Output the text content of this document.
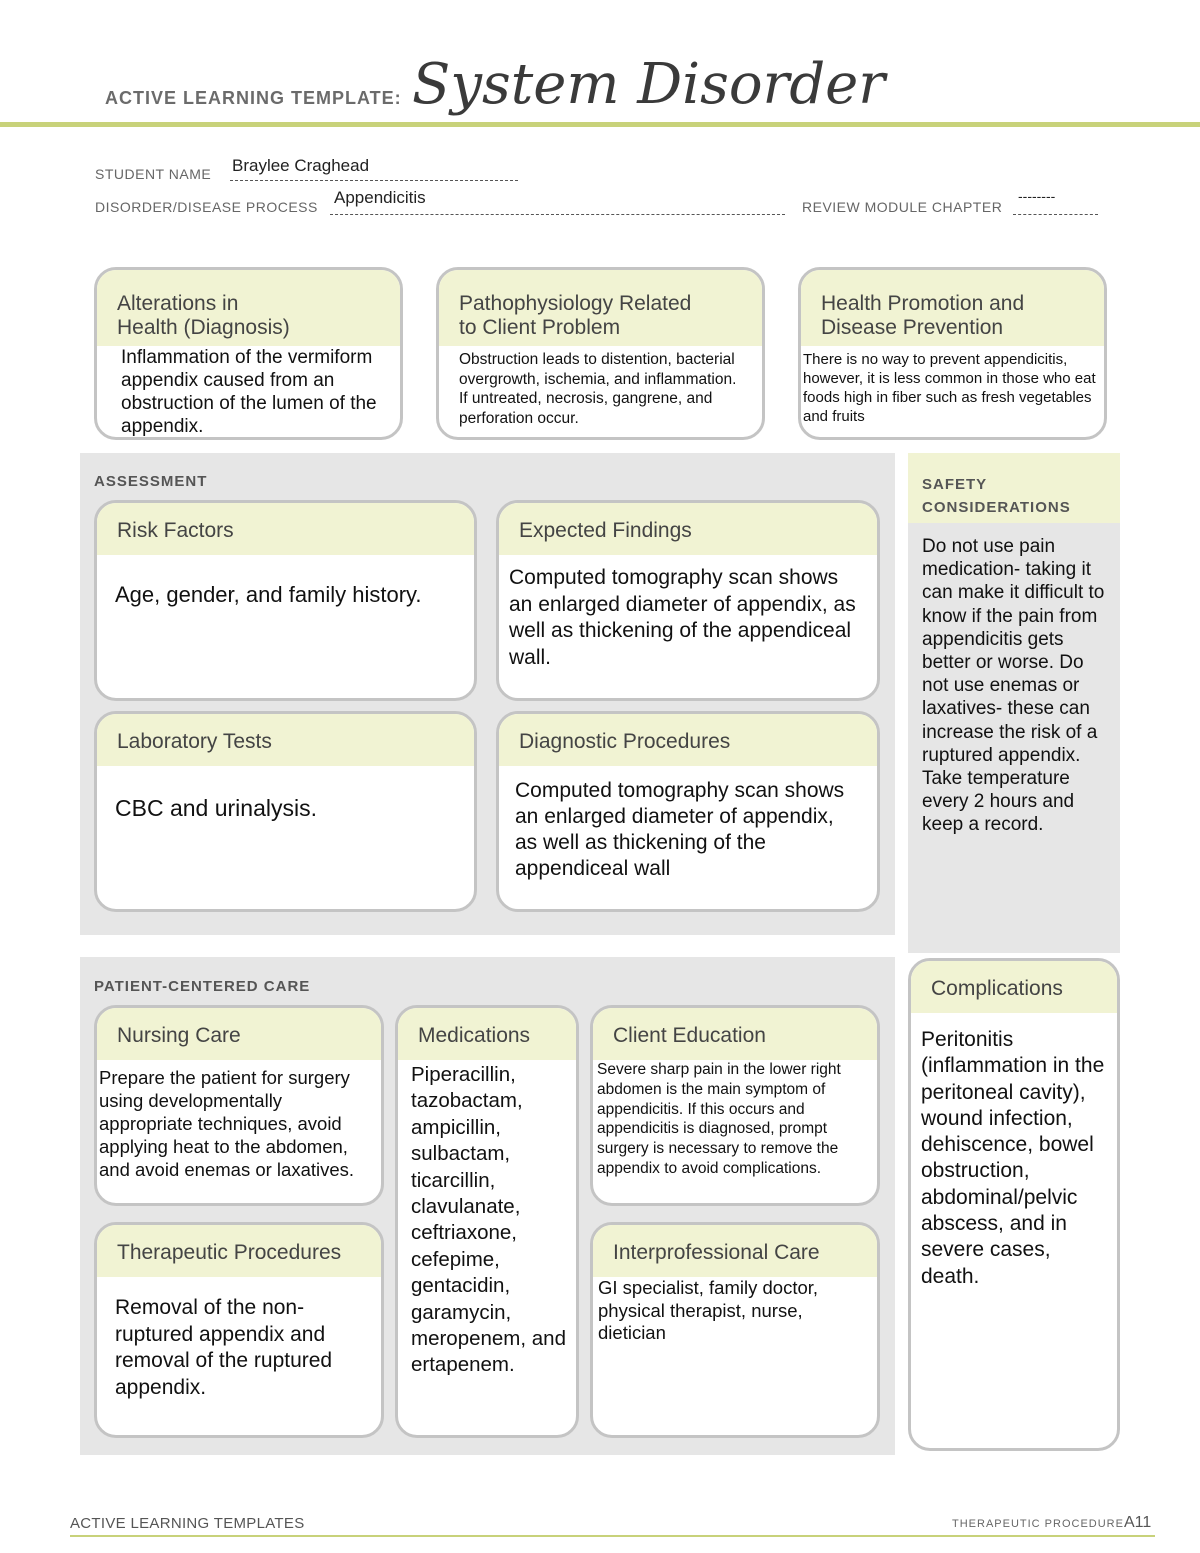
ACTIVE LEARNING TEMPLATE: System Disorder
STUDENT NAME Braylee Craghead
DISORDER/DISEASE PROCESS Appendicitis	REVIEW MODULE CHAPTER
--------
Alterations in
Health (Diagnosis)
Inflammation of the vermiform appendix caused from an obstruction of the lumen of the appendix.
Pathophysiology Related
to Client Problem
Obstruction leads to distention, bacterial overgrowth, ischemia, and inflammation. If untreated, necrosis, gangrene, and perforation occur.
Health Promotion and
Disease Prevention
There is no way to prevent appendicitis, however, it is less common in those who eat foods high in fiber such as fresh vegetables and fruits
ASSESSMENT
Risk Factors
Age, gender, and family history.
Expected Findings
Computed tomography scan shows an enlarged diameter of appendix, as well as thickening of the appendiceal wall.
Laboratory Tests
CBC and urinalysis.
Diagnostic Procedures
Computed tomography scan shows an enlarged diameter of appendix, as well as thickening of the appendiceal wall
SAFETY
CONSIDERATIONS
Do not use pain medication- taking it can make it difficult to know if the pain from appendicitis gets better or worse. Do not use enemas or laxatives- these can increase the risk of a ruptured appendix. Take temperature every 2 hours and keep a record.
PATIENT-CENTERED CARE
Nursing Care
Prepare the patient for surgery using developmentally appropriate techniques, avoid applying heat to the abdomen, and avoid enemas or laxatives.
Medications
Piperacillin, tazobactam, ampicillin, sulbactam, ticarcillin, clavulanate, ceftriaxone, cefepime, gentacidin, garamycin, meropenem, and ertapenem.
Client Education
Severe sharp pain in the lower right abdomen is the main symptom of appendicitis. If this occurs and appendicitis is diagnosed, prompt surgery is necessary to remove the appendix to avoid complications.
Therapeutic Procedures
Removal of the non-ruptured appendix and removal of the ruptured appendix.
Interprofessional Care
GI specialist, family doctor, physical therapist, nurse, dietician
Complications
Peritonitis (inflammation in the peritoneal cavity), wound infection, dehiscence, bowel obstruction, abdominal/pelvic abscess, and in severe cases, death.
ACTIVE LEARNING TEMPLATES	THERAPEUTIC PROCEDURE A11
